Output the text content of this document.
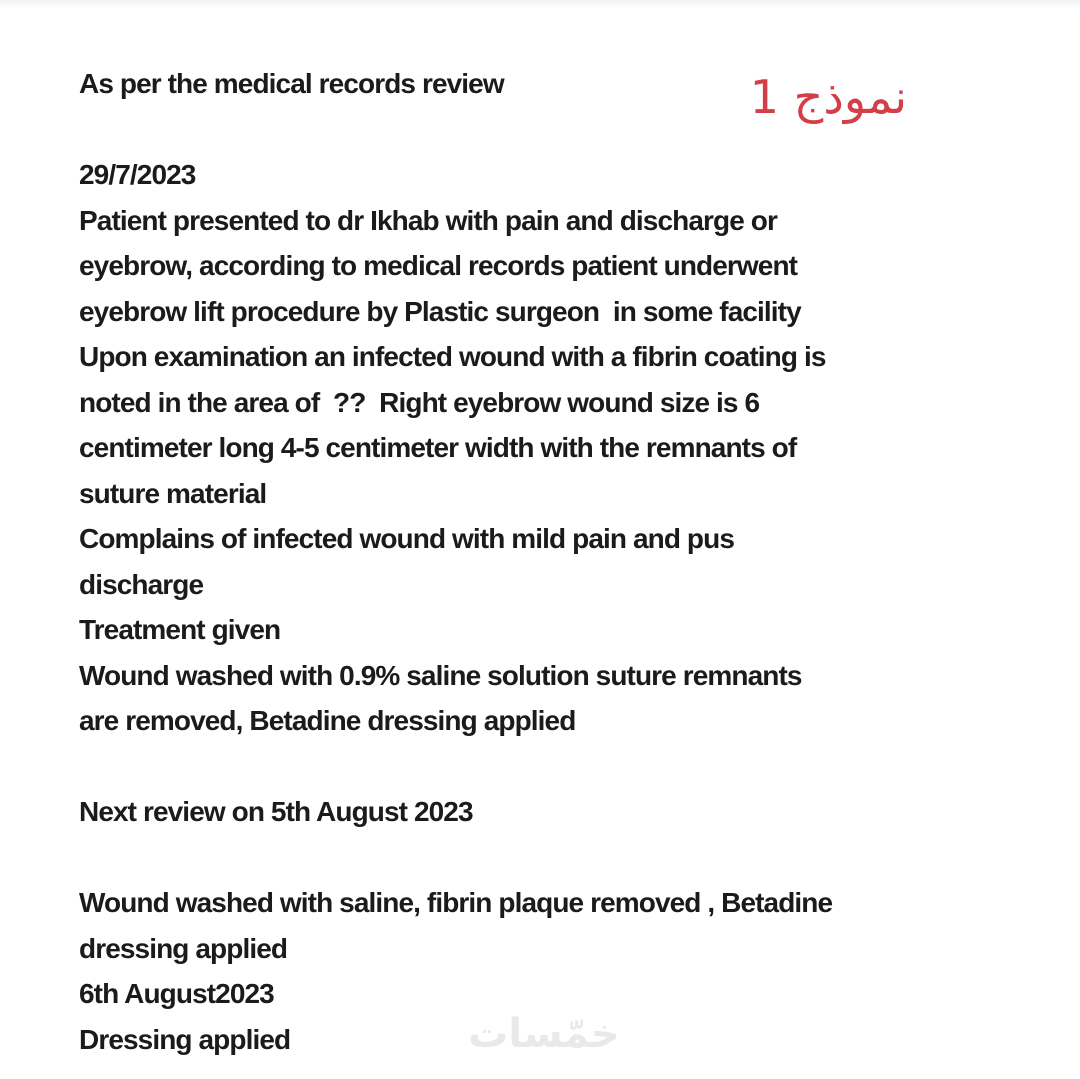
نموذج 1
As per the medical records review
29/7/2023
Patient presented to dr Ikhab with pain and discharge or
eyebrow, according to medical records patient underwent
eyebrow lift procedure by Plastic surgeon  in some facility
Upon examination an infected wound with a fibrin coating is
noted in the area of  ??  Right eyebrow wound size is 6
centimeter long 4-5 centimeter width with the remnants of
suture material
Complains of infected wound with mild pain and pus
discharge
Treatment given
Wound washed with 0.9% saline solution suture remnants
are removed, Betadine dressing applied
Next review on 5th August 2023
Wound washed with saline, fibrin plaque removed , Betadine
dressing applied
6th August2023
Dressing applied	خمّسات
